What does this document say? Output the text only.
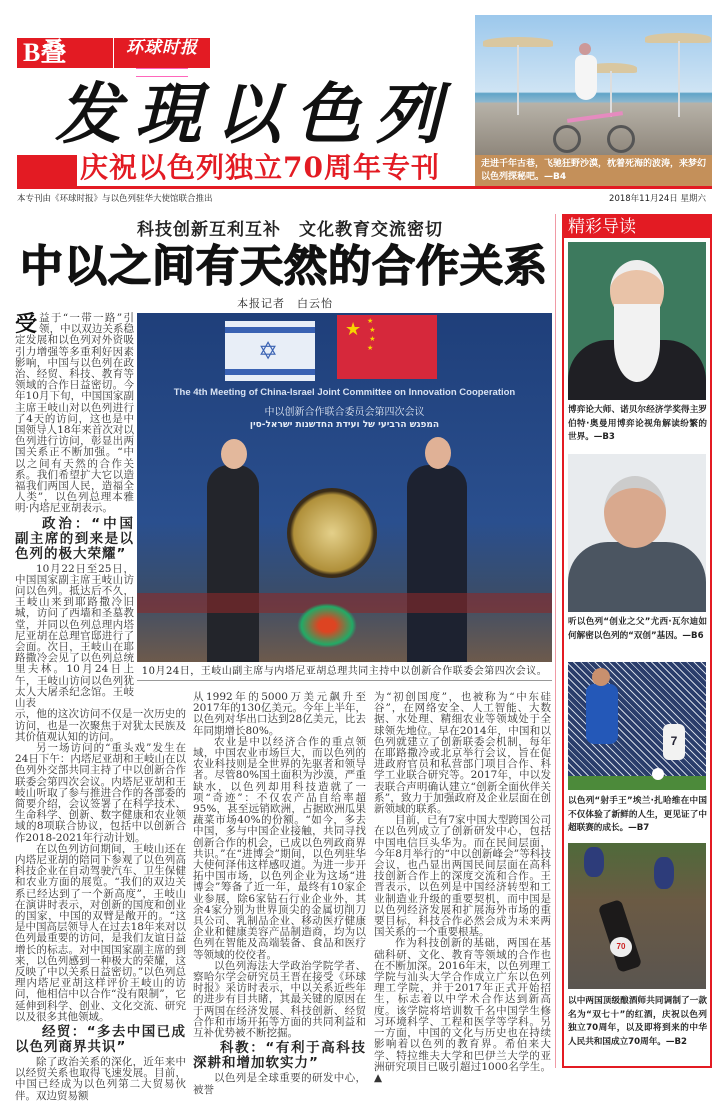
B叠	环球时报
GLOBAL TIMES
发現以色列
庆祝以色列独立70周年专刊	走进千年古巷，飞驰狂野沙漠，枕着死海的波涛，来梦幻以色列探秘吧。—B4
本专刊由《环球时报》与以色列驻华大使馆联合推出	2018年11月24日 星期六
科技创新互利互补　文化教育交流密切
中以之间有天然的合作关系
本报记者　白云怡

受益于“一带一路”引领，中以双边关系稳定发展和以色列对外资吸引力增强等多重利好因素影响，中国与以色列在政治、经贸、科技、教育等领域的合作日益密切。今年10月下旬，中国国家副主席王岐山对以色列进行了4天的访问，这也是中国领导人18年来首次对以色列进行访问，彰显出两国关系正不断加强。“中以之间有天然的合作关系。我们希望扩大它以造福我们两国人民，造福全人类”，以色列总理本雅明·内塔尼亚胡表示。

政治：“中国副主席的到来是以色列的极大荣耀”

10月22日至25日，中国国家副主席王岐山访问以色列。抵达后不久，王岐山来到耶路撒冷旧城，访问了西墙和圣墓教堂，并同以色列总理内塔尼亚胡在总理官邸进行了会面。次日，王岐山在耶路撒冷会见了以色列总统里夫林。10月24日上午，王岐山访问以色列犹太人大屠杀纪念馆。王岐山表

示，他的这次访问不仅是一次历史的访问，也是一次聚焦于对犹太民族及其价值观认知的访问。

另一场访问的“重头戏”发生在24日下午：内塔尼亚胡和王岐山在以色列外交部共同主持了中以创新合作联委会第四次会议。内塔尼亚胡和王岐山听取了参与推进合作的各部委的简要介绍，会议签署了在科学技术、生命科学、创新、数字健康和农业领域的8项联合协议，包括中以创新合作2018-2021年行动计划。

在以色列访问期间，王岐山还在内塔尼亚胡的陪同下参观了以色列高科技企业在自动驾驶汽车、卫生保健和农业方面的展览。“我们的双边关系已经达到了一个新高度”，王岐山在演讲时表示，对创新的国度和创业的国家，中国的双臂是敞开的。“这是中国高层领导人在过去18年来对以色列最重要的访问，是我们友谊日益增长的标志。对中国国家副主席的到来，以色列感到一种极大的荣耀，这反映了中以关系日益密切。”以色列总理内塔尼亚胡这样评价王岐山的访问，他相信中以合作“没有限制”，它延伸到科学、创业、文化交流、研究以及很多其他领域。

经贸：“多去中国已成以色列商界共识”

除了政治关系的深化，近年来中以经贸关系也取得飞速发展。目前，中国已经成为以色列第二大贸易伙伴。双边贸易额

✡
★ ★
★
★
★
The 4th Meeting of China-Israel Joint Committee on Innovation Cooperation
中以创新合作联合委员会第四次会议
המפגש הרביעי של ועידת החדשנות ישראל-סין
10月24日，王岐山副主席与内塔尼亚胡总理共同主持中以创新合作联委会第四次会议。

从1992年的5000万美元飙升至2017年的130亿美元。今年上半年，以色列对华出口达到28亿美元，比去年同期增长80%。

农业是中以经济合作的重点领域，中国农业市场巨大，而以色列的农业科技则是全世界的先驱者和领导者。尽管80%国土面积为沙漠，严重缺水，以色列却用科技造就了一项“奇迹”：不仅农产品自给率超95%，甚至远销欧洲，占据欧洲瓜果蔬菜市场40%的份额。“如今，多去中国，多与中国企业接触，共同寻找创新合作的机会，已成以色列政商界共识。”在“进博会”期间，以色列驻华大使何泽伟这样感叹道。为进一步开拓中国市场，以色列企业为这场“进博会”筹备了近一年，最终有10家企业参展，除6家钻石行业企业外，其余4家分别为世界顶尖的金属切削刀具公司、乳制品企业、移动医疗健康企业和健康美容产品制造商，均为以色列在智能及高端装备、食品和医疗等领域的佼佼者。

以色列海法大学政治学院学者、察哈尔学会研究员王晋在接受《环球时报》采访时表示，中以关系近些年的进步有目共睹，其最关键的原因在于两国在经济发展、科技创新、经贸合作和市场开拓等方面的共同利益和互补优势被不断挖掘。

科教：“有利于高科技深耕和增加软实力”

以色列是全球重要的研发中心，被誉

为“初创国度”，也被称为“中东硅谷”，在网络安全、人工智能、大数据、水处理、精细农业等领域处于全球领先地位。早在2014年，中国和以色列就建立了创新联委会机制，每年在耶路撒冷或北京举行会议，旨在促进政府官员和私营部门项目合作、科学工业联合研究等。2017年，中以发表联合声明确认建立“创新全面伙伴关系”，致力于加强政府及企业层面在创新领域的联系。

目前，已有7家中国大型跨国公司在以色列成立了创新研发中心，包括中国电信巨头华为。而在民间层面，今年8月举行的“中以创新峰会”等科技会议，也凸显出两国民间层面在高科技创新合作上的深度交流和合作。王晋表示，以色列是中国经济转型和工业制造业升级的重要契机，而中国是以色列经济发展和扩展海外市场的重要目标，科技合作必然会成为未来两国关系的一个重要根基。

作为科技创新的基础，两国在基础科研、文化、教育等领域的合作也在不断加深。2016年末，以色列理工学院与汕头大学合作成立广东以色列理工学院，并于2017年正式开始招生，标志着以中学术合作达到新高度。该学院将培训数千名中国学生修习环境科学、工程和医学等学科。另一方面，中国的文化与历史也在持续影响着以色列的教育界。希伯来大学、特拉维夫大学和巴伊兰大学的亚洲研究项目已吸引超过1000名学生。▲

精彩导读
博弈论大师、诺贝尔经济学奖得主罗伯特·奥曼用博弈论视角解读纷繁的世界。—B3
听以色列“创业之父”尤西·瓦尔迪如何解密以色列的“双创”基因。—B6
7
以色列“射手王”埃兰·扎哈维在中国不仅体验了新鲜的人生，更见证了中超联赛的成长。—B7
70
以中两国顶级酿酒师共同调制了一款名为“双七十”的红酒，庆祝以色列独立70周年，以及即将到来的中华人民共和国成立70周年。—B2
